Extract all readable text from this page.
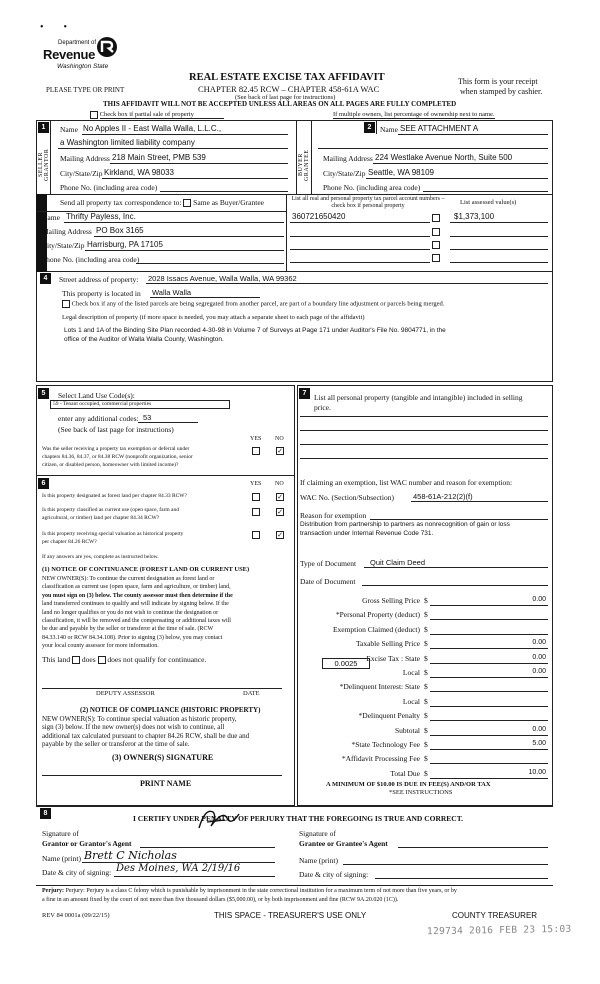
•        •
Department of
Revenue
Washington State
REAL ESTATE EXCISE TAX AFFIDAVIT
CHAPTER 82.45 RCW – CHAPTER 458-61A WAC
PLEASE TYPE OR PRINT
(See back of last page for instructions)
This form is your receipt
when stamped by cashier.
THIS AFFIDAVIT WILL NOT BE ACCEPTED UNLESS ALL AREAS ON ALL PAGES ARE FULLY COMPLETED
Check box if partial sale of property	If multiple owners, list percentage of ownership next to name.
1
SELLER GRANTOR
Name No Apples II - East Walla Walla, L.L.C.,
a Washington limited liability company
Mailing Address 218 Main Street, PMB 539
City/State/Zip Kirkland, WA 98033
Phone No. (including area code)
2
BUYER GRANTEE
Name SEE ATTACHMENT A
Mailing Address 224 Westlake Avenue North, Suite 500
City/State/Zip Seattle, WA 98109
Phone No. (including area code)
Send all property tax correspondence to: Same as Buyer/Grantee
Name Thrifty Payless, Inc.
Mailing Address PO Box 3165
City/State/Zip Harrisburg, PA 17105
Phone No. (including area code)
List all real and personal property tax parcel account numbers – check box if personal property	List assessed value(s)
360721650420	$1,373,100
4	Street address of property: 2028 Issacs Avenue, Walla Walla, WA 99362
This property is located in Walla Walla
Check box if any of the listed parcels are being segregated from another parcel, are part of a boundary line adjustment or parcels being merged.
Legal description of property (if more space is needed, you may attach a separate sheet to each page of the affidavit)
Lots 1 and 1A of the Binding Site Plan recorded 4-30-98 in Volume 7 of Surveys at Page 171 under Auditor's File No. 9804771, in the
office of the Auditor of Walla Walla County, Washington.
5	Select Land Use Code(s):
59 - Tenant occupied, commercial properties
enter any additional codes: 53
(See back of last page for instructions)
YES NO
Was the seller receiving a property tax exemption or deferral under
chapters 84.36, 84.37, or 84.38 RCW (nonprofit organization, senior
citizen, or disabled person, homeowner with limited income)?
✓
6	YES NO
Is this property designated as forest land per chapter 84.33 RCW?	✓
Is this property classified as current use (open space, farm and
agricultural, or timber) land per chapter 84.34 RCW?
✓
Is this property receiving special valuation as historical property
per chapter 84.26 RCW?
✓
If any answers are yes, complete as instructed below.
(1) NOTICE OF CONTINUANCE (FOREST LAND OR CURRENT USE)
NEW OWNER(S): To continue the current designation as forest land or
classification as current use (open space, farm and agriculture, or timber) land,
you must sign on (3) below. The county assessor must then determine if the
land transferred continues to qualify and will indicate by signing below. If the
land no longer qualifies or you do not wish to continue the designation or
classification, it will be removed and the compensating or additional taxes will
be due and payable by the seller or transferor at the time of sale. (RCW
84.33.140 or RCW 84.34.108). Prior to signing (3) below, you may contact
your local county assessor for more information.
This land does does not qualify for continuance.
DEPUTY ASSESSOR	DATE
(2) NOTICE OF COMPLIANCE (HISTORIC PROPERTY)
NEW OWNER(S): To continue special valuation as historic property,
sign (3) below. If the new owner(s) does not wish to continue, all
additional tax calculated pursuant to chapter 84.26 RCW, shall be due and
payable by the seller or transferor at the time of sale.
(3) OWNER(S) SIGNATURE
PRINT NAME
7	List all personal property (tangible and intangible) included in selling
price.
If claiming an exemption, list WAC number and reason for exemption:
WAC No. (Section/Subsection)	458-61A-212(2)(f)
Reason for exemption
Distribution from partnership to partners as nonrecognition of gain or loss
transaction under Internal Revenue Code 731.
Type of Document Quit Claim Deed
Date of Document
Gross Selling Price $	0.00
*Personal Property (deduct) $
Exemption Claimed (deduct) $
Taxable Selling Price $	0.00
Excise Tax : State $	0.00
Local $	0.00
*Delinquent Interest: State $
Local $
*Delinquent Penalty $
Subtotal $	0.00
*State Technology Fee $	5.00
*Affidavit Processing Fee $
Total Due $	10.00
0.0025
A MINIMUM OF $10.00 IS DUE IN FEE(S) AND/OR TAX
*SEE INSTRUCTIONS
8
I CERTIFY UNDER PENALTY OF PERJURY THAT THE FOREGOING IS TRUE AND CORRECT.
Signature of
Grantor or Grantor's Agent
Name (print) Brett C Nicholas
Date & city of signing: Des Moines, WA 2/19/16
Signature of
Grantee or Grantee's Agent
Name (print)
Date & city of signing:
Perjury: Perjury: Perjury is a class C felony which is punishable by imprisonment in the state correctional institution for a maximum term of not more than five years, or by
a fine in an amount fixed by the court of not more than five thousand dollars ($5,000.00), or by both imprisonment and fine (RCW 9A.20.020 (1C)).
REV 84 0001a (09/22/15)	THIS SPACE - TREASURER'S USE ONLY	COUNTY TREASURER
129734 2016 FEB 23 15:03
